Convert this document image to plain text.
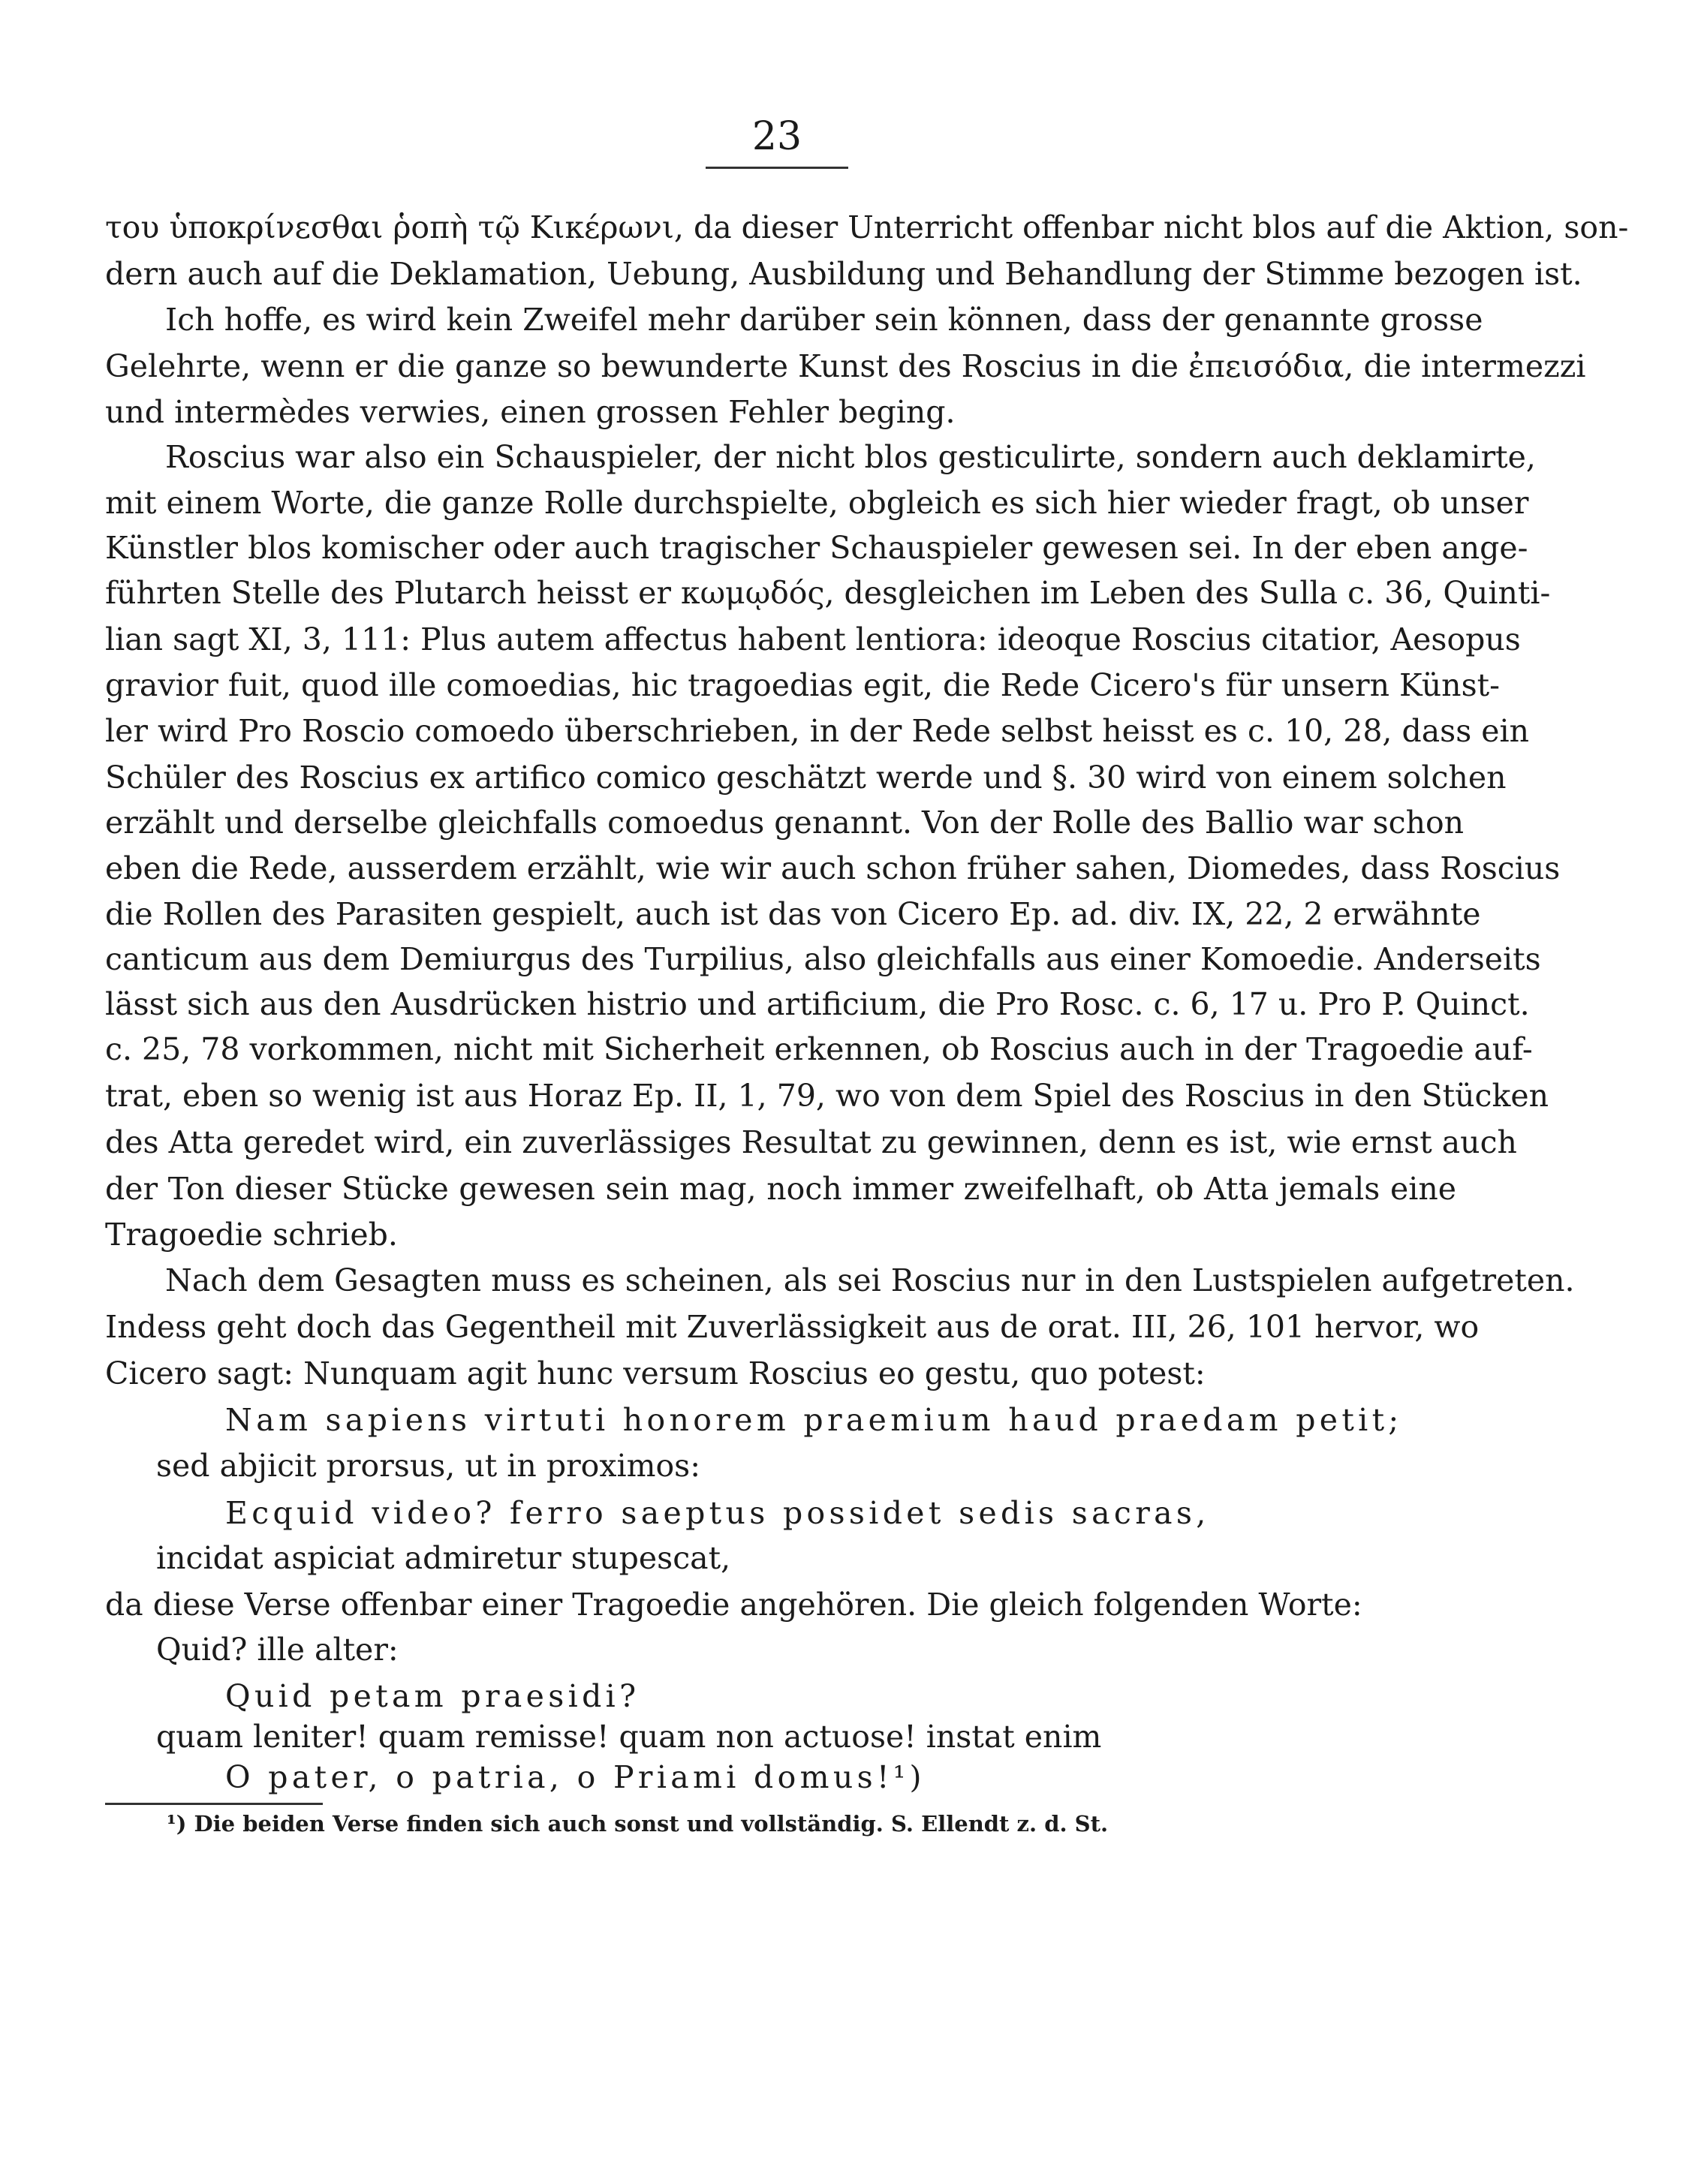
23
του ὑποκρίνεσθαι ῥοπὴ τῷ Κικέρωνι, da dieser Unterricht offenbar nicht blos auf die Aktion, son-
dern auch auf die Deklamation, Uebung, Ausbildung und Behandlung der Stimme bezogen ist.
Ich hoffe, es wird kein Zweifel mehr darüber sein können, dass der genannte grosse
Gelehrte, wenn er die ganze so bewunderte Kunst des Roscius in die ἐπεισόδια, die intermezzi
und intermèdes verwies, einen grossen Fehler beging.
Roscius war also ein Schauspieler, der nicht blos gesticulirte, sondern auch deklamirte,
mit einem Worte, die ganze Rolle durchspielte, obgleich es sich hier wieder fragt, ob unser
Künstler blos komischer oder auch tragischer Schauspieler gewesen sei. In der eben ange-
führten Stelle des Plutarch heisst er κωμῳδός, desgleichen im Leben des Sulla c. 36, Quinti-
lian sagt XI, 3, 111: Plus autem affectus habent lentiora: ideoque Roscius citatior, Aesopus
gravior fuit, quod ille comoedias, hic tragoedias egit, die Rede Cicero's für unsern Künst-
ler wird Pro Roscio comoedo überschrieben, in der Rede selbst heisst es c. 10, 28, dass ein
Schüler des Roscius ex artifico comico geschätzt werde und §. 30 wird von einem solchen
erzählt und derselbe gleichfalls comoedus genannt. Von der Rolle des Ballio war schon
eben die Rede, ausserdem erzählt, wie wir auch schon früher sahen, Diomedes, dass Roscius
die Rollen des Parasiten gespielt, auch ist das von Cicero Ep. ad. div. IX, 22, 2 erwähnte
canticum aus dem Demiurgus des Turpilius, also gleichfalls aus einer Komoedie. Anderseits
lässt sich aus den Ausdrücken histrio und artificium, die Pro Rosc. c. 6, 17 u. Pro P. Quinct.
c. 25, 78 vorkommen, nicht mit Sicherheit erkennen, ob Roscius auch in der Tragoedie auf-
trat, eben so wenig ist aus Horaz Ep. II, 1, 79, wo von dem Spiel des Roscius in den Stücken
des Atta geredet wird, ein zuverlässiges Resultat zu gewinnen, denn es ist, wie ernst auch
der Ton dieser Stücke gewesen sein mag, noch immer zweifelhaft, ob Atta jemals eine
Tragoedie schrieb.
Nach dem Gesagten muss es scheinen, als sei Roscius nur in den Lustspielen aufgetreten.
Indess geht doch das Gegentheil mit Zuverlässigkeit aus de orat. III, 26, 101 hervor, wo
Cicero sagt: Nunquam agit hunc versum Roscius eo gestu, quo potest:
Nam sapiens virtuti honorem praemium haud praedam petit;
sed abjicit prorsus, ut in proximos:
Ecquid video? ferro saeptus possidet sedis sacras,
incidat aspiciat admiretur stupescat,
da diese Verse offenbar einer Tragoedie angehören. Die gleich folgenden Worte:
Quid? ille alter:
Quid petam praesidi?
quam leniter! quam remisse! quam non actuose! instat enim
O pater, o patria, o Priami domus!¹)
¹) Die beiden Verse finden sich auch sonst und vollständig. S. Ellendt z. d. St.
